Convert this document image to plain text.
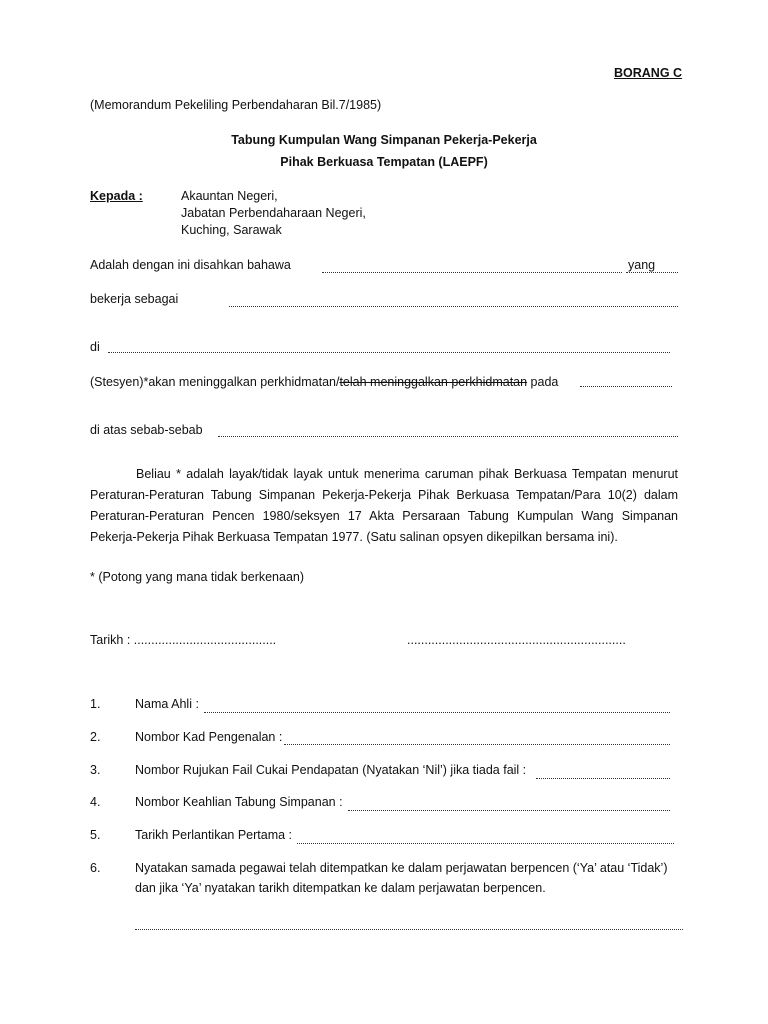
BORANG C
(Memorandum Pekeliling Perbendaharan Bil.7/1985)
Tabung Kumpulan Wang Simpanan Pekerja-Pekerja
Pihak Berkuasa Tempatan (LAEPF)
Kepada :	Akauntan Negeri,
Jabatan Perbendaharaan Negeri,
Kuching, Sarawak
Adalah dengan ini disahkan bahawa	yang
bekerja sebagai
di
(Stesyen)*akan meninggalkan perkhidmatan/telah meninggalkan perkhidmatan pada
di atas sebab-sebab
Beliau * adalah layak/tidak layak untuk menerima caruman pihak Berkuasa Tempatan menurut Peraturan-Peraturan Tabung Simpanan Pekerja-Pekerja Pihak Berkuasa Tempatan/Para 10(2) dalam Peraturan-Peraturan Pencen 1980/seksyen 17 Akta Persaraan Tabung Kumpulan Wang Simpanan Pekerja-Pekerja Pihak Berkuasa Tempatan 1977. (Satu salinan opsyen dikepilkan bersama ini).
* (Potong yang mana tidak berkenaan)
Tarikh : .........................................	...............................................................
1.	Nama Ahli :
2.	Nombor Kad Pengenalan :
3.	Nombor Rujukan Fail Cukai Pendapatan (Nyatakan ‘Nil’) jika tiada fail :
4.	Nombor Keahlian Tabung Simpanan :
5.	Tarikh Perlantikan Pertama :
6.	Nyatakan samada pegawai telah ditempatkan ke dalam perjawatan berpencen (‘Ya’ atau ‘Tidak’)
dan jika ‘Ya’ nyatakan tarikh ditempatkan ke dalam perjawatan berpencen.
